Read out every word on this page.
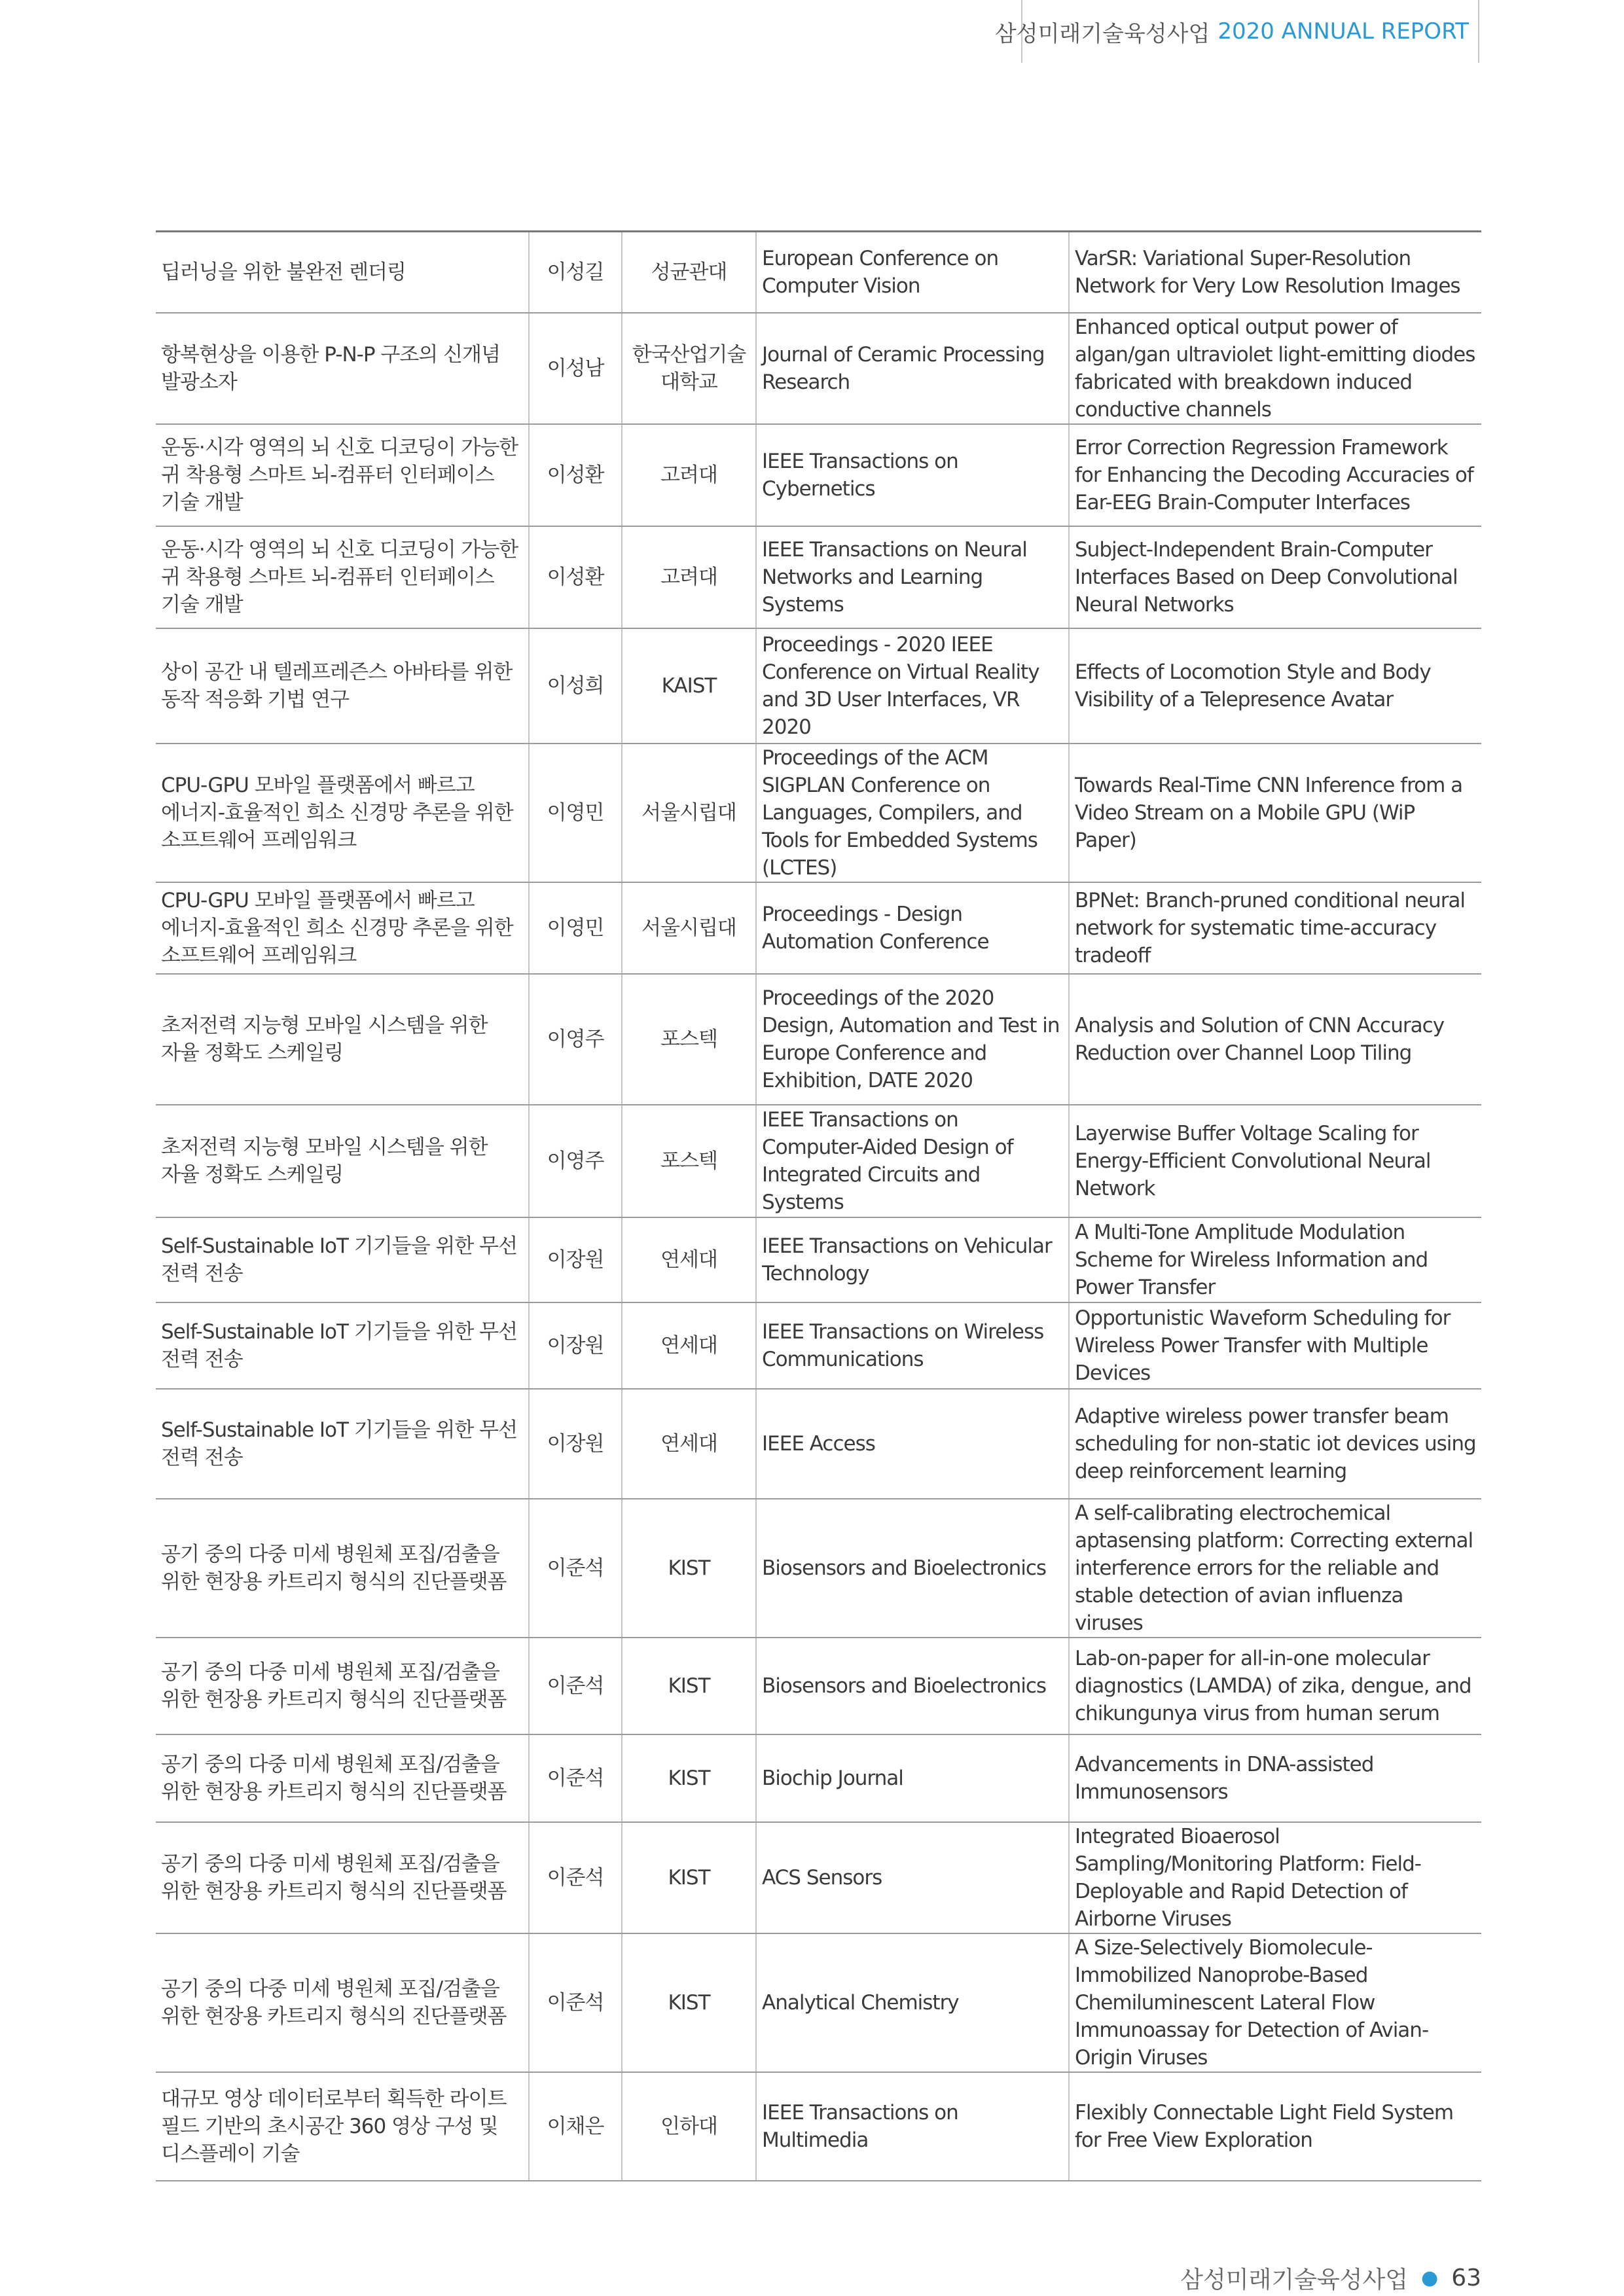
삼성미래기술육성사업 2020 ANNUAL REPORT
딥러닝을 위한 불완전 렌더링	이성길	성균관대	European Conference on Computer Vision	VarSR: Variational Super-Resolution Network for Very Low Resolution Images
항복현상을 이용한 P-N-P 구조의 신개념 발광소자	이성남	한국산업기술대학교	Journal of Ceramic Processing Research	Enhanced optical output power of algan/gan ultraviolet light-emitting diodes fabricated with breakdown induced conductive channels
운동·시각 영역의 뇌 신호 디코딩이 가능한 귀 착용형 스마트 뇌-컴퓨터 인터페이스 기술 개발	이성환	고려대	IEEE Transactions on Cybernetics	Error Correction Regression Framework for Enhancing the Decoding Accuracies of Ear-EEG Brain-Computer Interfaces
운동·시각 영역의 뇌 신호 디코딩이 가능한 귀 착용형 스마트 뇌-컴퓨터 인터페이스 기술 개발	이성환	고려대	IEEE Transactions on Neural Networks and Learning Systems	Subject-Independent Brain-Computer Interfaces Based on Deep Convolutional Neural Networks
상이 공간 내 텔레프레즌스 아바타를 위한 동작 적응화 기법 연구	이성희	KAIST	Proceedings - 2020 IEEE Conference on Virtual Reality and 3D User Interfaces, VR 2020	Effects of Locomotion Style and Body Visibility of a Telepresence Avatar
CPU-GPU 모바일 플랫폼에서 빠르고 에너지-효율적인 희소 신경망 추론을 위한 소프트웨어 프레임워크	이영민	서울시립대	Proceedings of the ACM SIGPLAN Conference on Languages, Compilers, and Tools for Embedded Systems (LCTES)	Towards Real-Time CNN Inference from a Video Stream on a Mobile GPU (WiP Paper)
CPU-GPU 모바일 플랫폼에서 빠르고 에너지-효율적인 희소 신경망 추론을 위한 소프트웨어 프레임워크	이영민	서울시립대	Proceedings - Design Automation Conference	BPNet: Branch-pruned conditional neural network for systematic time-accuracy tradeoff
초저전력 지능형 모바일 시스템을 위한 자율 정확도 스케일링	이영주	포스텍	Proceedings of the 2020 Design, Automation and Test in Europe Conference and Exhibition, DATE 2020	Analysis and Solution of CNN Accuracy Reduction over Channel Loop Tiling
초저전력 지능형 모바일 시스템을 위한 자율 정확도 스케일링	이영주	포스텍	IEEE Transactions on Computer-Aided Design of Integrated Circuits and Systems	Layerwise Buffer Voltage Scaling for Energy-Efficient Convolutional Neural Network
Self-Sustainable IoT 기기들을 위한 무선 전력 전송	이장원	연세대	IEEE Transactions on Vehicular Technology	A Multi-Tone Amplitude Modulation Scheme for Wireless Information and Power Transfer
Self-Sustainable IoT 기기들을 위한 무선 전력 전송	이장원	연세대	IEEE Transactions on Wireless Communications	Opportunistic Waveform Scheduling for Wireless Power Transfer with Multiple Devices
Self-Sustainable IoT 기기들을 위한 무선 전력 전송	이장원	연세대	IEEE Access	Adaptive wireless power transfer beam scheduling for non-static iot devices using deep reinforcement learning
공기 중의 다중 미세 병원체 포집/검출을 위한 현장용 카트리지 형식의 진단플랫폼	이준석	KIST	Biosensors and Bioelectronics	A self-calibrating electrochemical aptasensing platform: Correcting external interference errors for the reliable and stable detection of avian influenza viruses
공기 중의 다중 미세 병원체 포집/검출을 위한 현장용 카트리지 형식의 진단플랫폼	이준석	KIST	Biosensors and Bioelectronics	Lab-on-paper for all-in-one molecular diagnostics (LAMDA) of zika, dengue, and chikungunya virus from human serum
공기 중의 다중 미세 병원체 포집/검출을 위한 현장용 카트리지 형식의 진단플랫폼	이준석	KIST	Biochip Journal	Advancements in DNA-assisted Immunosensors
공기 중의 다중 미세 병원체 포집/검출을 위한 현장용 카트리지 형식의 진단플랫폼	이준석	KIST	ACS Sensors	Integrated Bioaerosol Sampling/Monitoring Platform: Field-Deployable and Rapid Detection of Airborne Viruses
공기 중의 다중 미세 병원체 포집/검출을 위한 현장용 카트리지 형식의 진단플랫폼	이준석	KIST	Analytical Chemistry	A Size-Selectively Biomolecule-Immobilized Nanoprobe-Based Chemiluminescent Lateral Flow Immunoassay for Detection of Avian-Origin Viruses
대규모 영상 데이터로부터 획득한 라이트 필드 기반의 초시공간 360 영상 구성 및 디스플레이 기술	이채은	인하대	IEEE Transactions on Multimedia	Flexibly Connectable Light Field System for Free View Exploration
삼성미래기술육성사업 ● 63
